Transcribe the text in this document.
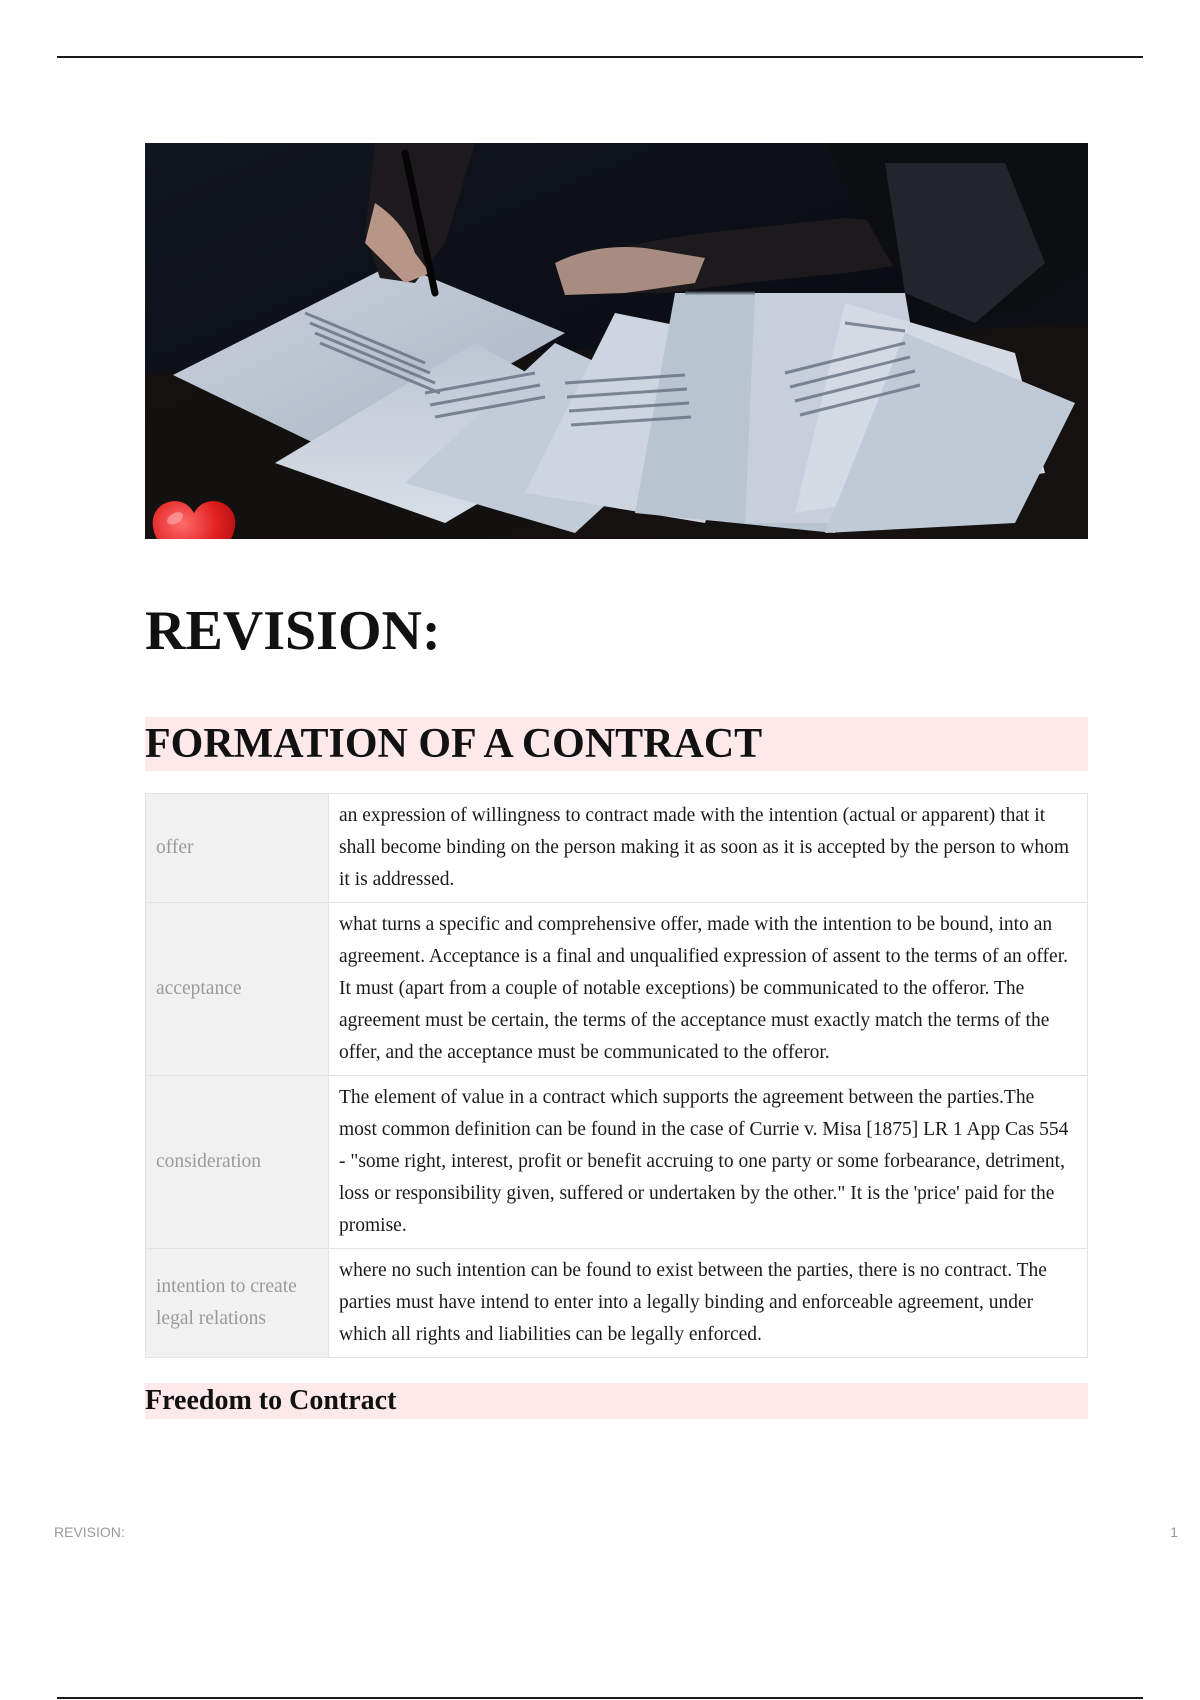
REVISION:
FORMATION OF A CONTRACT
offer	an expression of willingness to contract made with the intention (actual or apparent) that it shall become binding on the person making it as soon as it is accepted by the person to whom it is addressed.
acceptance	what turns a specific and comprehensive offer, made with the intention to be bound, into an agreement. Acceptance is a final and unqualified expression of assent to the terms of an offer. It must (apart from a couple of notable exceptions) be communicated to the offeror. The agreement must be certain, the terms of the acceptance must exactly match the terms of the offer, and the acceptance must be communicated to the offeror.
consideration	The element of value in a contract which supports the agreement between the parties.The most common definition can be found in the case of Currie v. Misa [1875] LR 1 App Cas 554 - "some right, interest, profit or benefit accruing to one party or some forbearance, detriment, loss or responsibility given, suffered or undertaken by the other." It is the 'price' paid for the promise.
intention to create legal relations	where no such intention can be found to exist between the parties, there is no contract. The parties must have intend to enter into a legally binding and enforceable agreement, under which all rights and liabilities can be legally enforced.
Freedom to Contract
REVISION:	1
